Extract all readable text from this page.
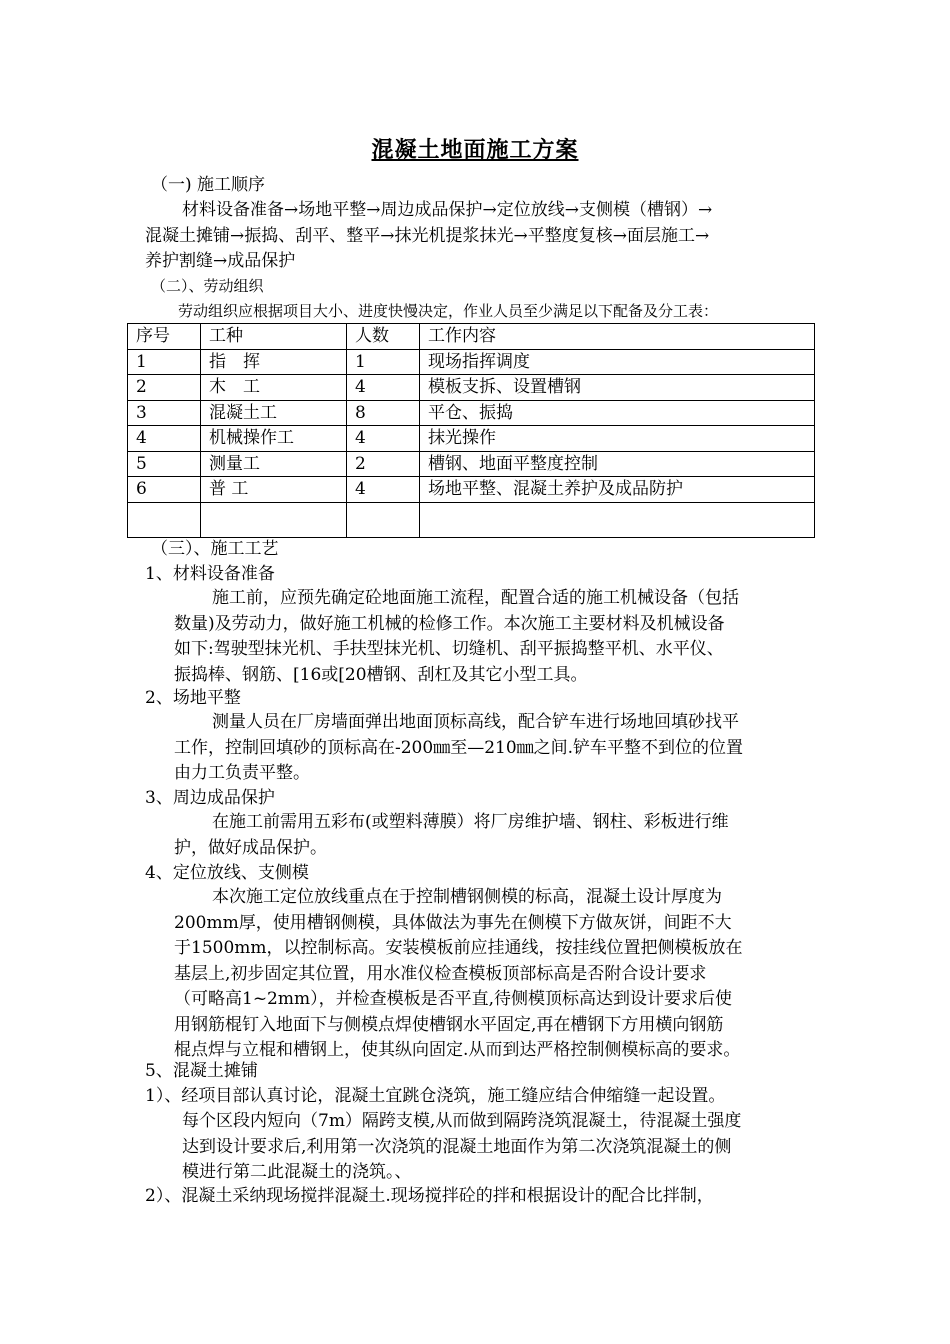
混凝土地面施工方案
（一) 施工顺序
材料设备准备→场地平整→周边成品保护→定位放线→支侧模（槽钢）→
混凝土摊铺→振捣、刮平、整平→抹光机提浆抹光→平整度复核→面层施工→
养护割缝→成品保护
（二）、劳动组织
劳动组织应根据项目大小、进度快慢决定，作业人员至少满足以下配备及分工表：
序号	工种	人数	工作内容
1	指　挥	1	现场指挥调度
2	木　工	4	模板支拆、设置槽钢
3	混凝土工	8	平仓、振捣
4	机械操作工	4	抹光操作
5	测量工	2	槽钢、地面平整度控制
6	普 工	4	场地平整、混凝土养护及成品防护

（三）、施工工艺
1、材料设备准备
施工前，应预先确定砼地面施工流程，配置合适的施工机械设备（包括
数量)及劳动力，做好施工机械的检修工作。本次施工主要材料及机械设备
如下:驾驶型抹光机、手扶型抹光机、切缝机、刮平振捣整平机、水平仪、
振捣棒、钢筋、[16或[20槽钢、刮杠及其它小型工具。
2、场地平整
测量人员在厂房墙面弹出地面顶标高线，配合铲车进行场地回填砂找平
工作，控制回填砂的顶标高在-200㎜至—210㎜之间.铲车平整不到位的位置
由力工负责平整。
3、周边成品保护
在施工前需用五彩布(或塑料薄膜）将厂房维护墙、钢柱、彩板进行维
护，做好成品保护。
4、定位放线、支侧模
本次施工定位放线重点在于控制槽钢侧模的标高，混凝土设计厚度为
200mm厚，使用槽钢侧模，具体做法为事先在侧模下方做灰饼，间距不大
于1500mm，以控制标高。安装模板前应挂通线，按挂线位置把侧模板放在
基层上,初步固定其位置，用水准仪检查模板顶部标高是否附合设计要求
（可略高1~2mm），并检查模板是否平直,待侧模顶标高达到设计要求后使
用钢筋棍钉入地面下与侧模点焊使槽钢水平固定,再在槽钢下方用横向钢筋
棍点焊与立棍和槽钢上，使其纵向固定.从而到达严格控制侧模标高的要求。
5、混凝土摊铺
1）、经项目部认真讨论，混凝土宜跳仓浇筑，施工缝应结合伸缩缝一起设置。
每个区段内短向（7m）隔跨支模,从而做到隔跨浇筑混凝土，待混凝土强度
达到设计要求后,利用第一次浇筑的混凝土地面作为第二次浇筑混凝土的侧
模进行第二此混凝土的浇筑。、
2）、混凝土采纳现场搅拌混凝土.现场搅拌砼的拌和根据设计的配合比拌制，
